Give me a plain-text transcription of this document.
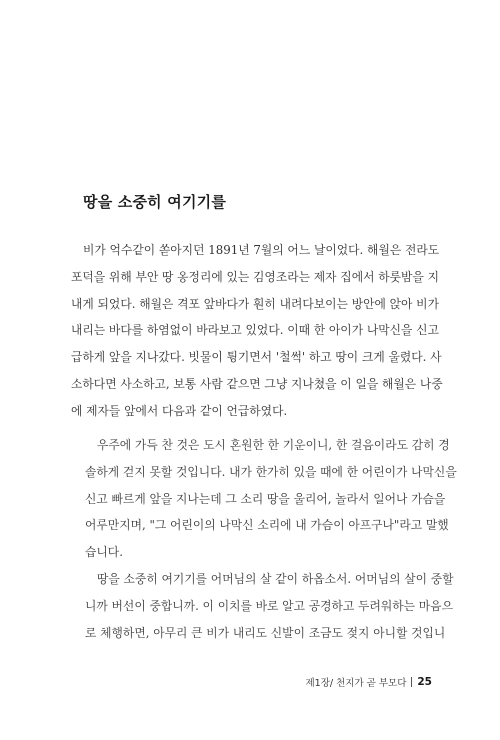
땅을 소중히 여기기를

비가 억수같이 쏟아지던 1891년 7월의 어느 날이었다. 해월은 전라도
포덕을 위해 부안 땅 옹정리에 있는 김영조라는 제자 집에서 하룻밤을 지
내게 되었다. 해월은 격포 앞바다가 훤히 내려다보이는 방안에 앉아 비가
내리는 바다를 하염없이 바라보고 있었다. 이때 한 아이가 나막신을 신고
급하게 앞을 지나갔다. 빗물이 튕기면서 '철썩' 하고 땅이 크게 울렸다. 사
소하다면 사소하고, 보통 사람 같으면 그냥 지나쳤을 이 일을 해월은 나중
에 제자들 앞에서 다음과 같이 언급하였다.

우주에 가득 찬 것은 도시 혼원한 한 기운이니, 한 걸음이라도 감히 경
솔하게 걷지 못할 것입니다. 내가 한가히 있을 때에 한 어린이가 나막신을
신고 빠르게 앞을 지나는데 그 소리 땅을 울리어, 놀라서 일어나 가슴을
어루만지며, "그 어린이의 나막신 소리에 내 가슴이 아프구나"라고 말했
습니다.
땅을 소중히 여기기를 어머님의 살 같이 하옵소서. 어머님의 살이 중할
니까 버선이 중합니까. 이 이치를 바로 알고 공경하고 두려워하는 마음으
로 체행하면, 아무리 큰 비가 내리도 신발이 조금도 젖지 아니할 것입니
제1장/ 천지가 곧 부모다 25
